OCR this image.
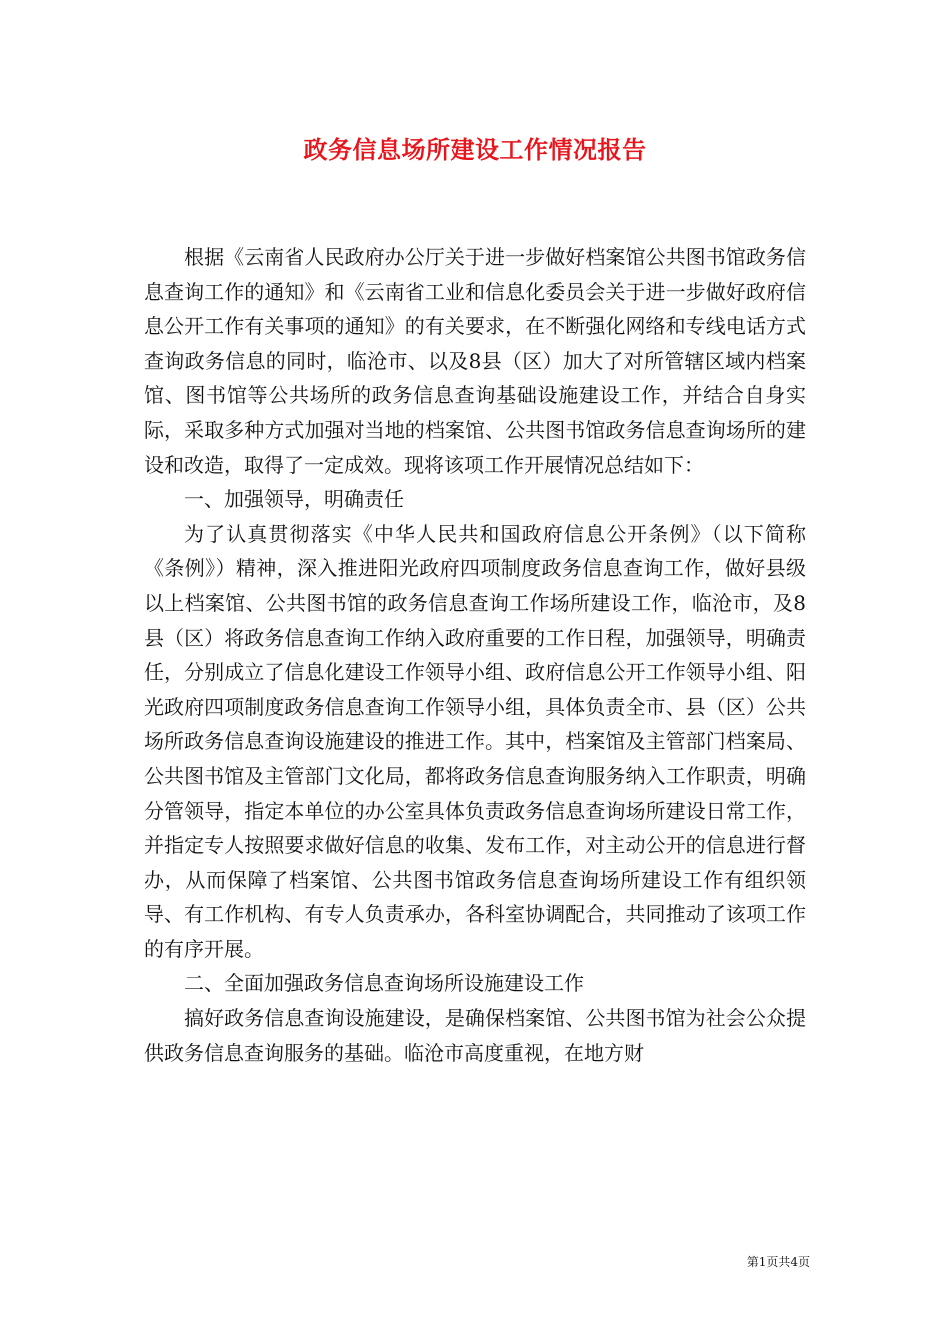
政务信息场所建设工作情况报告

根据《云南省人民政府办公厅关于进一步做好档案馆公共图书馆政务信息查询工作的通知》和《云南省工业和信息化委员会关于进一步做好政府信息公开工作有关事项的通知》的有关要求，在不断强化网络和专线电话方式查询政务信息的同时，临沧市、以及8县（区）加大了对所管辖区域内档案馆、图书馆等公共场所的政务信息查询基础设施建设工作，并结合自身实际，采取多种方式加强对当地的档案馆、公共图书馆政务信息查询场所的建设和改造，取得了一定成效。现将该项工作开展情况总结如下：

一、加强领导，明确责任

为了认真贯彻落实《中华人民共和国政府信息公开条例》（以下简称《条例》）精神，深入推进阳光政府四项制度政务信息查询工作，做好县级以上档案馆、公共图书馆的政务信息查询工作场所建设工作，临沧市，及8县（区）将政务信息查询工作纳入政府重要的工作日程，加强领导，明确责任，分别成立了信息化建设工作领导小组、政府信息公开工作领导小组、阳光政府四项制度政务信息查询工作领导小组，具体负责全市、县（区）公共场所政务信息查询设施建设的推进工作。其中，档案馆及主管部门档案局、公共图书馆及主管部门文化局，都将政务信息查询服务纳入工作职责，明确分管领导，指定本单位的办公室具体负责政务信息查询场所建设日常工作，并指定专人按照要求做好信息的收集、发布工作，对主动公开的信息进行督办，从而保障了档案馆、公共图书馆政务信息查询场所建设工作有组织领导、有工作机构、有专人负责承办，各科室协调配合，共同推动了该项工作的有序开展。

二、全面加强政务信息查询场所设施建设工作

搞好政务信息查询设施建设，是确保档案馆、公共图书馆为社会公众提供政务信息查询服务的基础。临沧市高度重视，在地方财

第1页共4页
